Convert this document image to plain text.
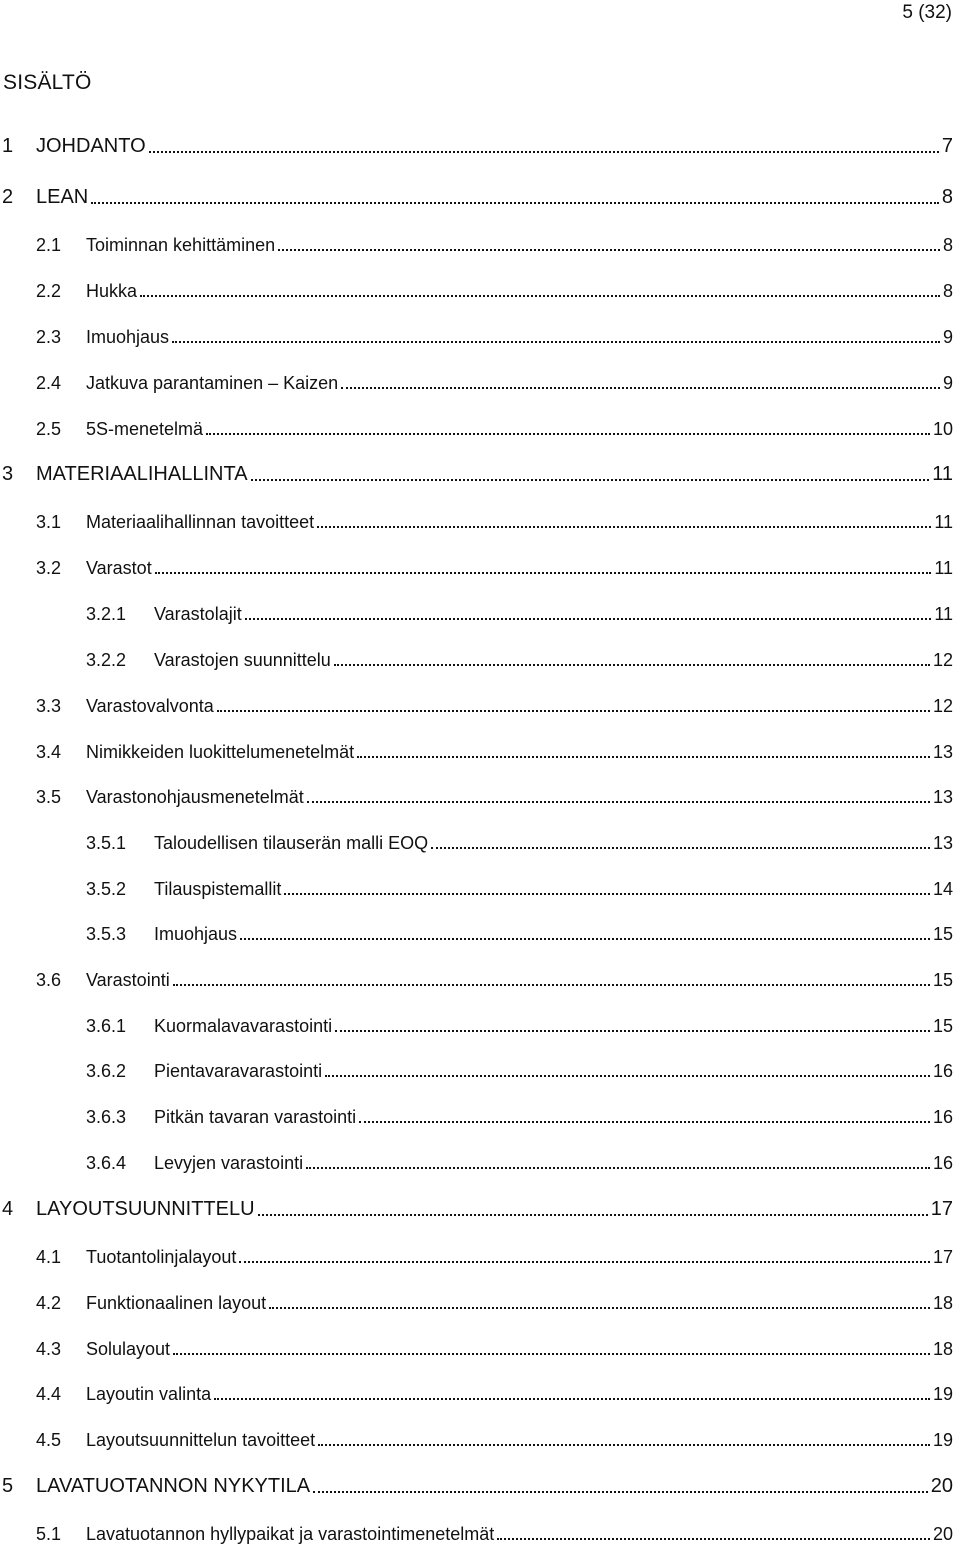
5 (32)
SISÄLTÖ
1	JOHDANTO	7
2	LEAN	8
2.1	Toiminnan kehittäminen	8
2.2	Hukka	8
2.3	Imuohjaus	9
2.4	Jatkuva parantaminen – Kaizen	9
2.5	5S-menetelmä	10
3	MATERIAALIHALLINTA	11
3.1	Materiaalihallinnan tavoitteet	11
3.2	Varastot	11
3.2.1	Varastolajit	11
3.2.2	Varastojen suunnittelu	12
3.3	Varastovalvonta	12
3.4	Nimikkeiden luokittelumenetelmät	13
3.5	Varastonohjausmenetelmät	13
3.5.1	Taloudellisen tilauserän malli EOQ	13
3.5.2	Tilauspistemallit	14
3.5.3	Imuohjaus	15
3.6	Varastointi	15
3.6.1	Kuormalavavarastointi	15
3.6.2	Pientavaravarastointi	16
3.6.3	Pitkän tavaran varastointi	16
3.6.4	Levyjen varastointi	16
4	LAYOUTSUUNNITTELU	17
4.1	Tuotantolinjalayout	17
4.2	Funktionaalinen layout	18
4.3	Solulayout	18
4.4	Layoutin valinta	19
4.5	Layoutsuunnittelun tavoitteet	19
5	LAVATUOTANNON NYKYTILA	20
5.1	Lavatuotannon hyllypaikat ja varastointimenetelmät	20
